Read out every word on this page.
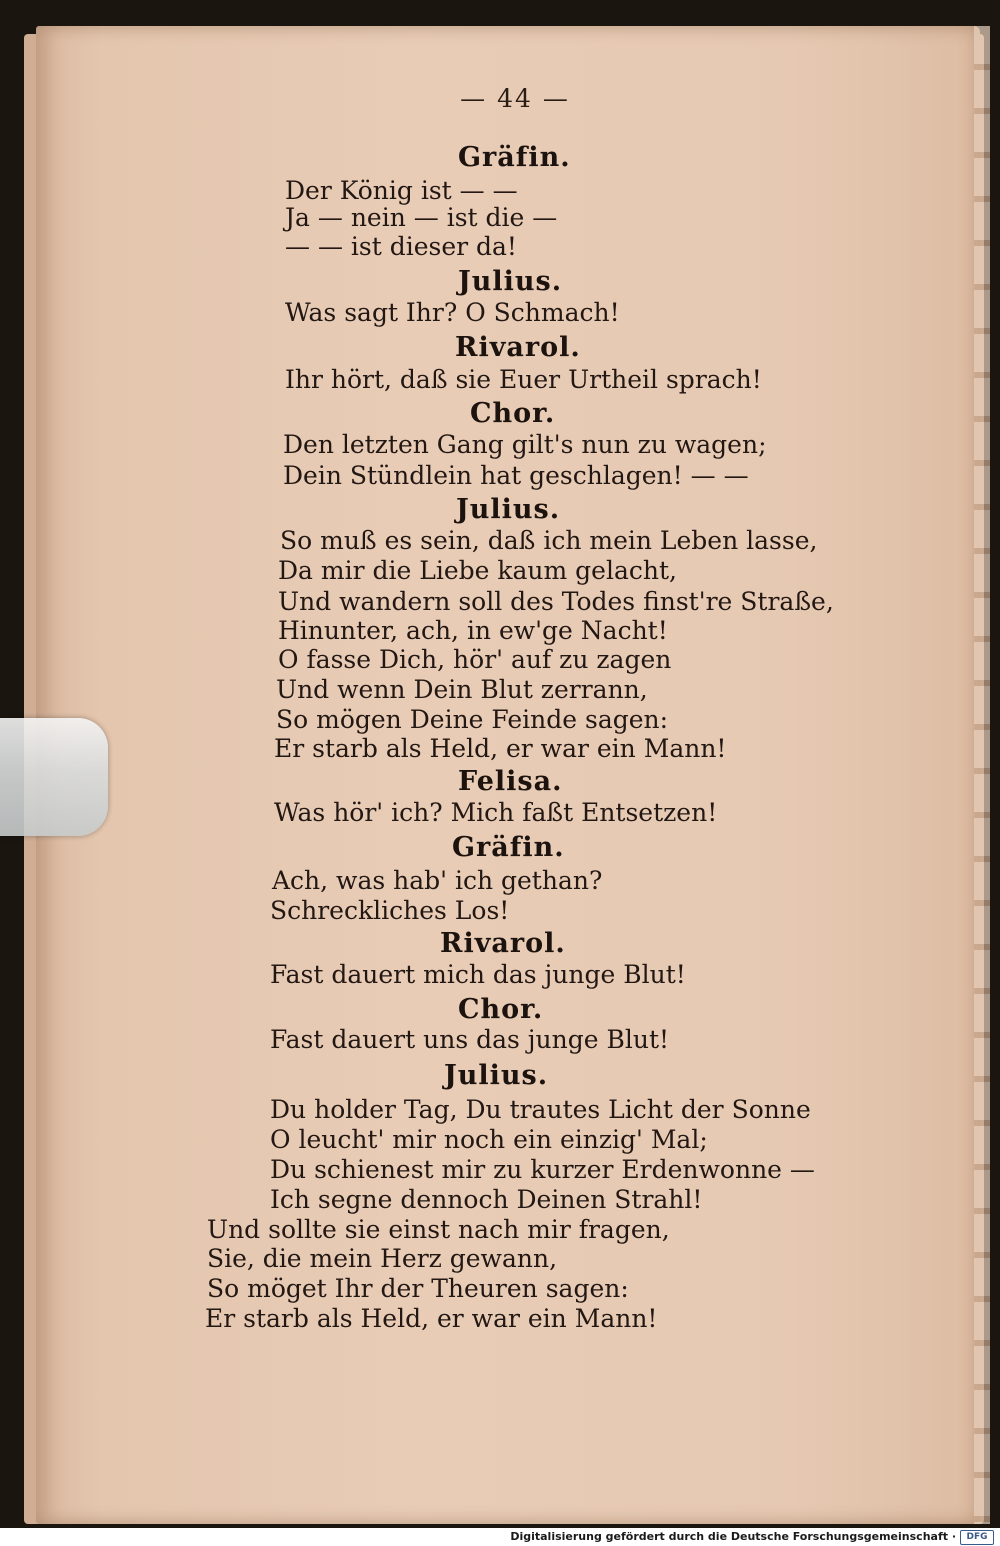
— 44 —
Gräfin.
Der König ist — —
Ja — nein — ist die —
— — ist dieser da!
Julius.
Was sagt Ihr? O Schmach!
Rivarol.
Ihr hört, daß sie Euer Urtheil sprach!
Chor.
Den letzten Gang gilt's nun zu wagen;
Dein Stündlein hat geschlagen! — —
Julius.
So muß es sein, daß ich mein Leben lasse,
Da mir die Liebe kaum gelacht,
Und wandern soll des Todes finst're Straße,
Hinunter, ach, in ew'ge Nacht!
O fasse Dich, hör' auf zu zagen
Und wenn Dein Blut zerrann,
So mögen Deine Feinde sagen:
Er starb als Held, er war ein Mann!
Felisa.
Was hör' ich? Mich faßt Entsetzen!
Gräfin.
Ach, was hab' ich gethan?
Schreckliches Los!
Rivarol.
Fast dauert mich das junge Blut!
Chor.
Fast dauert uns das junge Blut!
Julius.
Du holder Tag, Du trautes Licht der Sonne
O leucht' mir noch ein einzig' Mal;
Du schienest mir zu kurzer Erdenwonne —
Ich segne dennoch Deinen Strahl!
Und sollte sie einst nach mir fragen,
Sie, die mein Herz gewann,
So möget Ihr der Theuren sagen:
Er starb als Held, er war ein Mann!
Digitalisierung gefördert durch die Deutsche Forschungsgemeinschaft ·	DFG
